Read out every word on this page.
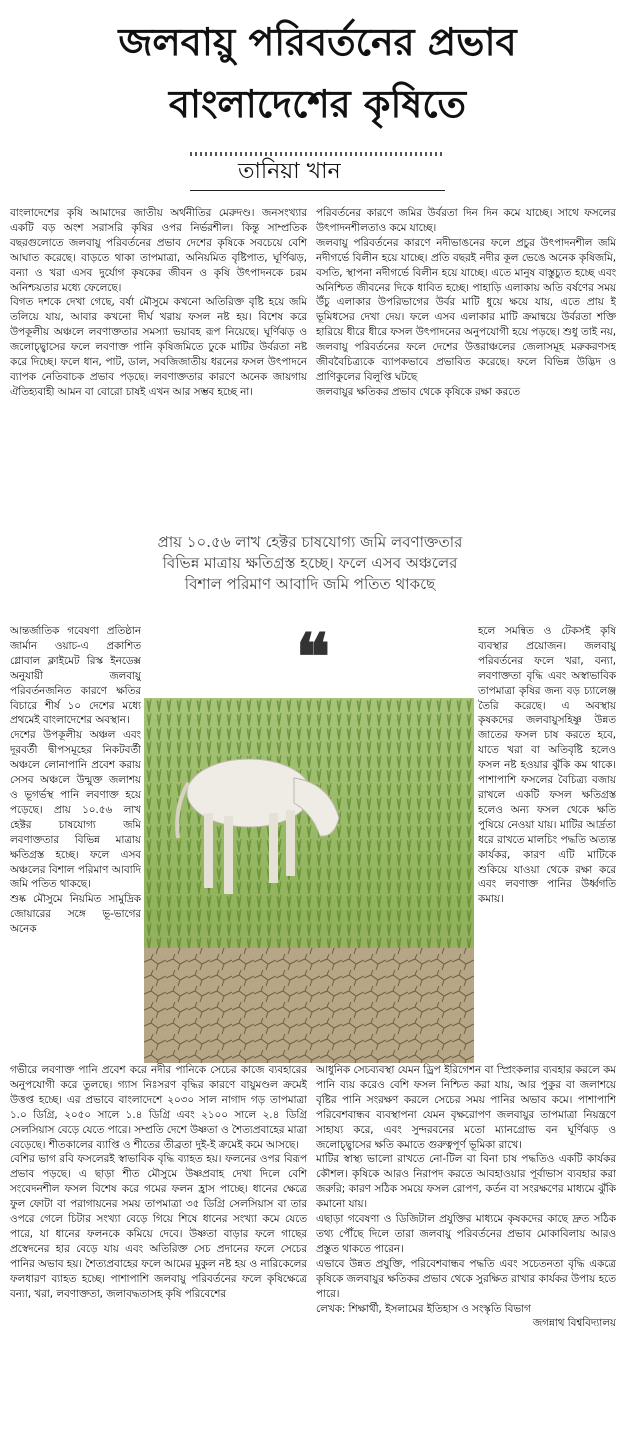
জলবায়ু পরিবর্তনের প্রভাব
বাংলাদেশের কৃষিতে
তানিয়া খান

বাংলাদেশের কৃষি আমাদের জাতীয় অর্থনীতির মেরুদণ্ড। জনসংখ্যার একটি বড় অংশ সরাসরি কৃষির ওপর নির্ভরশীল। কিন্তু সাম্প্রতিক বছরগুলোতে জলবায়ু পরিবর্তনের প্রভাব দেশের কৃষিকে সবচেয়ে বেশি আঘাত করেছে। বাড়তে থাকা তাপমাত্রা, অনিয়মিত বৃষ্টিপাত, ঘূর্ণিঝড়, বন্যা ও খরা এসব দুর্যোগ কৃষকের জীবন ও কৃষি উৎপাদনকে চরম অনিশ্চয়তার মধ্যে ফেলেছে।

বিগত দশকে দেখা গেছে, বর্ষা মৌসুমে কখনো অতিরিক্ত বৃষ্টি হয়ে জমি তলিয়ে যায়, আবার কখনো দীর্ঘ খরায় ফসল নষ্ট হয়। বিশেষ করে উপকূলীয় অঞ্চলে লবণাক্ততার সমস্যা ভয়াবহ রূপ নিয়েছে। ঘূর্ণিঝড় ও জলোচ্ছ্বাসের ফলে লবণাক্ত পানি কৃষিজমিতে ঢুকে মাটির উর্বরতা নষ্ট করে দিচ্ছে। ফলে ধান, পাট, ডাল, সবজিজাতীয় ধরনের ফসল উৎপাদনে ব্যাপক নেতিবাচক প্রভাব পড়ছে। লবণাক্ততার কারণে অনেক জায়গায় ঐতিহ্যবাহী আমন বা বোরো চাষই এখন আর সম্ভব হচ্ছে না।

পরিবর্তনের কারণে জমির উর্বরতা দিন দিন কমে যাচ্ছে। সাথে ফসলের উৎপাদনশীলতাও কমে যাচ্ছে।

জলবায়ু পরিবর্তনের কারণে নদীভাঙনের ফলে প্রচুর উৎপাদনশীল জমি নদীগর্ভে বিলীন হয়ে যাচ্ছে। প্রতি বছরই নদীর কূল ভেঙে অনেক কৃষিজমি, বসতি, স্থাপনা নদীগর্ভে বিলীন হয়ে যাচ্ছে। এতে মানুষ বাস্তুচ্যুত হচ্ছে এবং অনিশ্চিত জীবনের দিকে ধাবিত হচ্ছে। পাহাড়ি এলাকায় অতি বর্ষণের সময় উঁচু এলাকার উপরিভাগের উর্বর মাটি ধুয়ে ক্ষয়ে যায়, এতে প্রায় ই ভূমিধসের দেখা দেয়। ফলে এসব এলাকার মাটি ক্রমান্বয়ে উর্বরতা শক্তি হারিয়ে ধীরে ধীরে ফসল উৎপাদনের অনুপযোগী হয়ে পড়ছে। শুধু তাই নয়, জলবায়ু পরিবর্তনের ফলে দেশের উত্তরাঞ্চলের জেলাসমূহ মরুকরণসহ জীববৈচিত্র্যকে ব্যাপকভাবে প্রভাবিত করেছে। ফলে বিভিন্ন উদ্ভিদ ও প্রাণিকুলের বিলুপ্তি ঘটছে

জলবায়ুর ক্ষতিকর প্রভাব থেকে কৃষিকে রক্ষা করতে

আন্তর্জাতিক গবেষণা প্রতিষ্ঠান জার্মান ওয়াচ-এ প্রকাশিত গ্লোবাল ক্লাইমেট রিস্ক ইনডেক্স অনুযায়ী জলবায়ু পরিবর্তনজনিত কারণে ক্ষতির বিচারে শীর্ষ ১০ দেশের মধ্যে প্রথমেই বাংলাদেশের অবস্থান।

দেশের উপকূলীয় অঞ্চল এবং দূরবর্তী দ্বীপসমূহের নিকটবর্তী অঞ্চলে লোনাপানি প্রবেশ করায় সেসব অঞ্চলে উন্মুক্ত জলাশয় ও ভূগর্ভস্থ পানি লবণাক্ত হয়ে পড়েছে। প্রায় ১০.৫৬ লাখ হেক্টর চাষযোগ্য জমি লবণাক্ততার বিভিন্ন মাত্রায় ক্ষতিগ্রস্ত হচ্ছে। ফলে এসব অঞ্চলের বিশাল পরিমাণ আবাদি জমি পতিত থাকছে।

শুষ্ক মৌসুমে নিয়মিত সামুদ্রিক জোয়ারের সঙ্গে ভূ-ভাগের অনেক

হলে সমন্বিত ও টেকসই কৃষি ব্যবস্থার প্রয়োজন। জলবায়ু পরিবর্তনের ফলে খরা, বন্যা, লবণাক্ততা বৃদ্ধি এবং অস্বাভাবিক তাপমাত্রা কৃষির জন্য বড় চ্যালেঞ্জ তৈরি করেছে। এ অবস্থায় কৃষকদের জলবায়ুসহিষ্ণু উন্নত জাতের ফসল চাষ করতে হবে, যাতে খরা বা অতিবৃষ্টি হলেও ফসল নষ্ট হওয়ার ঝুঁকি কম থাকে। পাশাপাশি ফসলের বৈচিত্র্য বজায় রাখলে একটি ফসল ক্ষতিগ্রস্ত হলেও অন্য ফসল থেকে ক্ষতি পুষিয়ে নেওয়া যায়। মাটির আর্দ্রতা ধরে রাখতে মালচিং পদ্ধতি অত্যন্ত কার্যকর, কারণ এটি মাটিকে শুকিয়ে যাওয়া থেকে রক্ষা করে এবং লবণাক্ত পানির উর্ধ্বগতি কমায়।

প্রায় ১০.৫৬ লাখ হেক্টর চাষযোগ্য জমি লবণাক্ততার বিভিন্ন মাত্রায় ক্ষতিগ্রস্ত হচ্ছে। ফলে এসব অঞ্চলের বিশাল পরিমাণ আবাদি জমি পতিত থাকছে
❝

গভীরে লবণাক্ত পানি প্রবেশ করে নদীর পানিকে সেচের কাজে ব্যবহারের অনুপযোগী করে তুলছে। গ্যাস নিঃসরণ বৃদ্ধির কারণে বায়ুমণ্ডল ক্রমেই উত্তপ্ত হচ্ছে। এর প্রভাবে বাংলাদেশে ২০৩০ সাল নাগাদ গড় তাপমাত্রা ১.০ ডিগ্রি, ২০৫০ সালে ১.৪ ডিগ্রি এবং ২১০০ সালে ২.৪ ডিগ্রি সেলসিয়াস বেড়ে যেতে পারে। সম্প্রতি দেশে উষ্ণতা ও শৈত্যপ্রবাহের মাত্রা বেড়েছে। শীতকালের ব্যাপ্তি ও শীতের তীব্রতা দুই-ই ক্রমেই কমে আসছে।

বেশির ভাগ রবি ফসলেরই স্বাভাবিক বৃদ্ধি ব্যাহত হয়। ফলনের ওপর বিরূপ প্রভাব পড়ছে। এ ছাড়া শীত মৌসুমে উষ্ণপ্রবাহ দেখা দিলে বেশি সংবেদনশীল ফসল বিশেষ করে গমের ফলন হ্রাস পাচ্ছে। ধানের ক্ষেত্রে ফুল ফোটা বা পরাগায়নের সময় তাপমাত্রা ৩৫ ডিগ্রি সেলসিয়াস বা তার ওপরে গেলে চিটার সংখ্যা বেড়ে গিয়ে শিষে ধানের সংখ্যা কমে যেতে পারে, যা ধানের ফলনকে কমিয়ে দেবে। উষ্ণতা বাড়ার ফলে গাছের প্রস্বেদনের হার বেড়ে যায় এবং অতিরিক্ত সেচ প্রদানের ফলে সেচের পানির অভাব হয়। শৈত্যপ্রবাহের ফলে আমের মুকুল নষ্ট হয় ও নারিকেলের ফলধারণ ব্যাহত হচ্ছে। পাশাপাশি জলবায়ু পরিবর্তনের ফলে কৃষিক্ষেত্রে বন্যা, খরা, লবণাক্ততা, জলাবদ্ধতাসহ কৃষি পরিবেশের

আধুনিক সেচব্যবস্থা যেমন ড্রিপ ইরিগেশন বা স্প্রিংকলার ব্যবহার করলে কম পানি ব্যয় করেও বেশি ফসল নিশ্চিত করা যায়, আর পুকুর বা জলাশয়ে বৃষ্টির পানি সংরক্ষণ করলে সেচের সময় পানির অভাব কমে। পাশাপাশি পরিবেশবান্ধব ব্যবস্থাপনা যেমন বৃক্ষরোপণ জলবায়ুর তাপমাত্রা নিয়ন্ত্রণে সাহায্য করে, এবং সুন্দরবনের মতো ম্যানগ্রোভ বন ঘূর্ণিঝড় ও জলোচ্ছ্বাসের ক্ষতি কমাতে গুরুত্বপূর্ণ ভূমিকা রাখে।

মাটির স্বাস্থ্য ভালো রাখতে নো-টিল বা বিনা চাষ পদ্ধতিও একটি কার্যকর কৌশল। কৃষিকে আরও নিরাপদ করতে আবহাওয়ার পূর্বাভাস ব্যবহার করা জরুরি; কারণ সঠিক সময়ে ফসল রোপণ, কর্তন বা সংরক্ষণের মাধ্যমে ঝুঁকি কমানো যায়।

এছাড়া গবেষণা ও ডিজিটাল প্রযুক্তির মাধ্যমে কৃষকদের কাছে দ্রুত সঠিক তথ্য পৌঁছে দিলে তারা জলবায়ু পরিবর্তনের প্রভাব মোকাবিলায় আরও প্রস্তুত থাকতে পারেন।

এভাবে উন্নত প্রযুক্তি, পরিবেশবান্ধব পদ্ধতি এবং সচেতনতা বৃদ্ধি একত্রে কৃষিকে জলবায়ুর ক্ষতিকর প্রভাব থেকে সুরক্ষিত রাখার কার্যকর উপায় হতে পারে।

লেখক: শিক্ষার্থী, ইসলামের ইতিহাস ও সংস্কৃতি বিভাগ

জগন্নাথ বিশ্ববিদ্যালয়
